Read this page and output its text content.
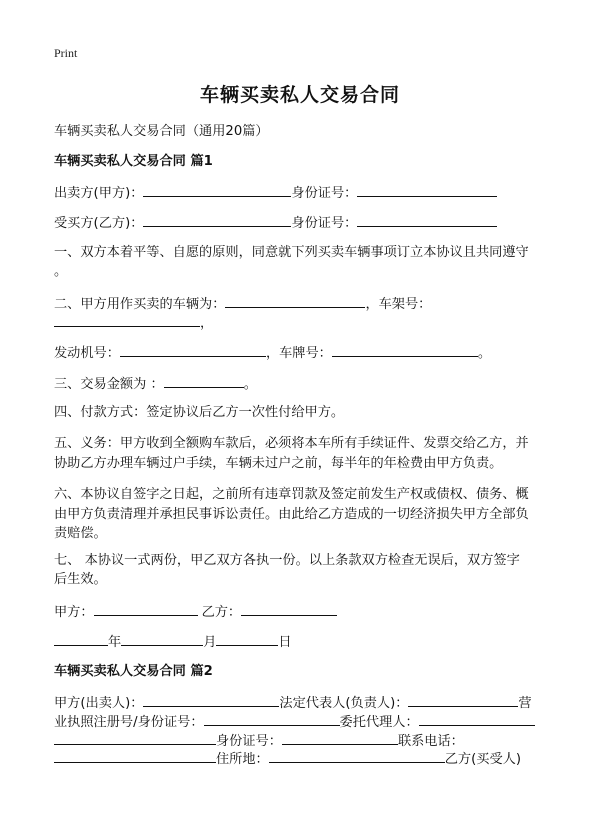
Print
车辆买卖私人交易合同
车辆买卖私人交易合同（通用20篇）
车辆买卖私人交易合同 篇1
出卖方(甲方)：	身份证号：
受买方(乙方)：	身份证号：
一、双方本着平等、自愿的原则，同意就下列买卖车辆事项订立本协议且共同遵守
。
二、甲方用作买卖的车辆为：	，车架号：
，
发动机号：	，车牌号：	。
三、交易金额为 ：	。
四、付款方式：签定协议后乙方一次性付给甲方。
五、义务：甲方收到全额购车款后，必须将本车所有手续证件、发票交给乙方，并
协助乙方办理车辆过户手续，车辆未过户之前，每半年的年检费由甲方负责。
六、本协议自签字之日起，之前所有违章罚款及签定前发生产权或债权、债务、概
由甲方负责清理并承担民事诉讼责任。由此给乙方造成的一切经济损失甲方全部负
责赔偿。
七、 本协议一式两份，甲乙双方各执一份。以上条款双方检查无误后，双方签字
后生效。
甲方：	乙方：
年	月	日
车辆买卖私人交易合同 篇2
甲方(出卖人)：	法定代表人(负责人)：	营
业执照注册号/身份证号：	委托代理人：
身份证号：	联系电话：
住所地：	乙方(买受人)
